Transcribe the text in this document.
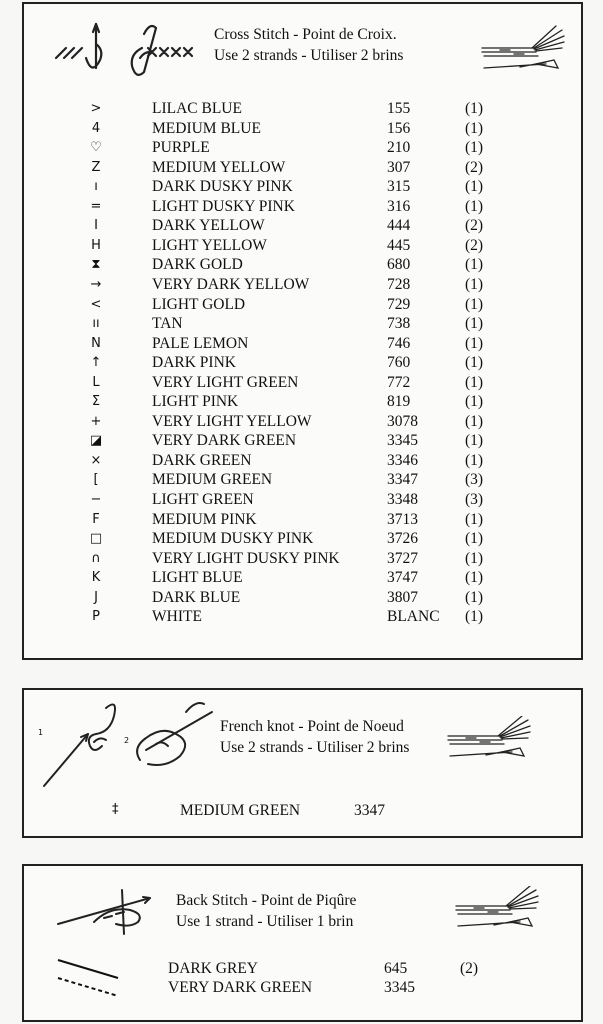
Cross Stitch - Point de Croix.
Use 2 strands - Utiliser 2 brins
>	LILAC BLUE	155	(1)
4	MEDIUM BLUE	156	(1)
♡	PURPLE	210	(1)
Z	MEDIUM YELLOW	307	(2)
ı	DARK DUSKY PINK	315	(1)
=	LIGHT DUSKY PINK	316	(1)
I	DARK YELLOW	444	(2)
H	LIGHT YELLOW	445	(2)
⧗	DARK GOLD	680	(1)
→	VERY DARK YELLOW	728	(1)
<	LIGHT GOLD	729	(1)
ıı	TAN	738	(1)
N	PALE LEMON	746	(1)
↑	DARK PINK	760	(1)
L	VERY LIGHT GREEN	772	(1)
Σ	LIGHT PINK	819	(1)
+	VERY LIGHT YELLOW	3078	(1)
◪	VERY DARK GREEN	3345	(1)
×	DARK GREEN	3346	(1)
[	MEDIUM GREEN	3347	(3)
−	LIGHT GREEN	3348	(3)
F	MEDIUM PINK	3713	(1)
□	MEDIUM DUSKY PINK	3726	(1)
∩	VERY LIGHT DUSKY PINK	3727	(1)
K	LIGHT BLUE	3747	(1)
J	DARK BLUE	3807	(1)
P	WHITE	BLANC (1)
1
2
French knot - Point de Noeud
Use 2 strands - Utiliser 2 brins
‡	MEDIUM GREEN	3347
Back Stitch - Point de Piqûre
Use 1 strand - Utiliser 1 brin
DARK GREY	645	(2)
VERY DARK GREEN	3345
